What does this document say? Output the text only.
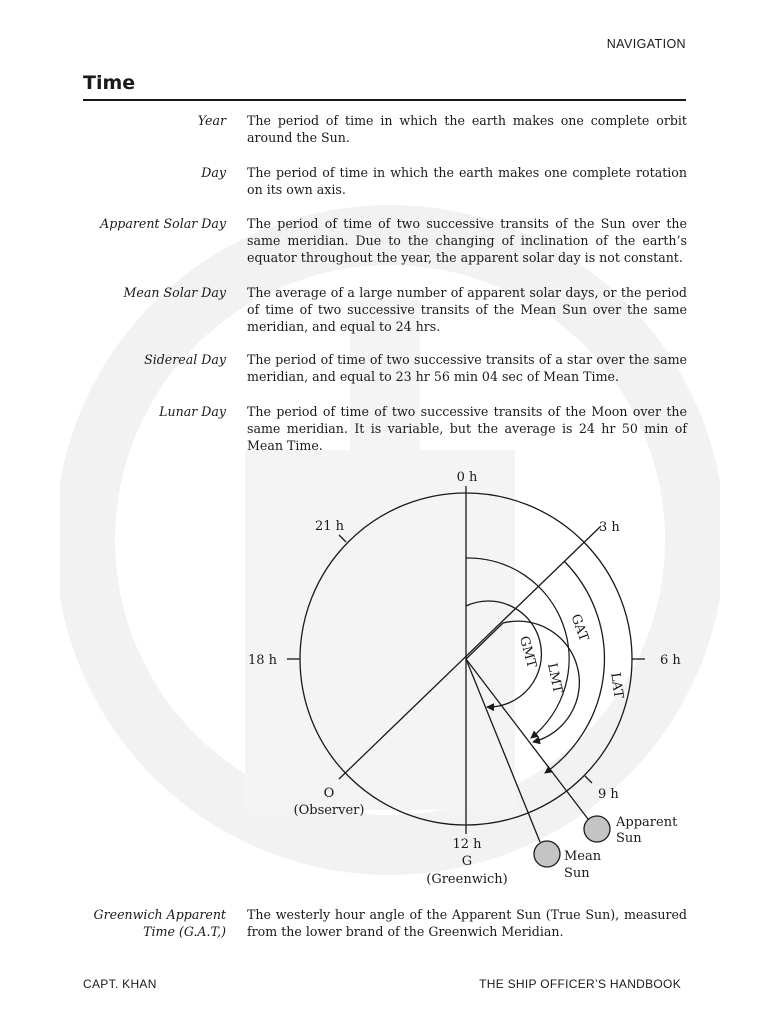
NAVIGATION
Time
Year The period of time in which the earth makes one complete orbit around the Sun.
Day The period of time in which the earth makes one complete rotation on its own axis.
Apparent Solar Day The period of time of two successive transits of the Sun over the same meridian. Due to the changing of inclination of the earth’s equator throughout the year, the apparent solar day is not constant.
Mean Solar Day The average of a large number of apparent solar days, or the period of time of two successive transits of the Mean Sun over the same meridian, and equal to 24 hrs.
Sidereal Day The period of time of two successive transits of a star over the same meridian, and equal to 23 hr 56 min 04 sec of Mean Time.
Lunar Day The period of time of two successive transits of the Moon over the same meridian. It is variable, but the average is 24 hr 50 min of Mean Time.
0 h
3 h
21 h
18 h	6 h
9 h
12 h
G
(Greenwich)
O
(Observer)
GMT
LMT
GAT
LAT
Apparent
Sun
Mean
Sun
Greenwich Apparent Time (G.A.T,)
The westerly hour angle of the Apparent Sun (True Sun), measured from the lower brand of the Greenwich Meridian.
CAPT. KHAN	THE SHIP OFFICER’S HANDBOOK
